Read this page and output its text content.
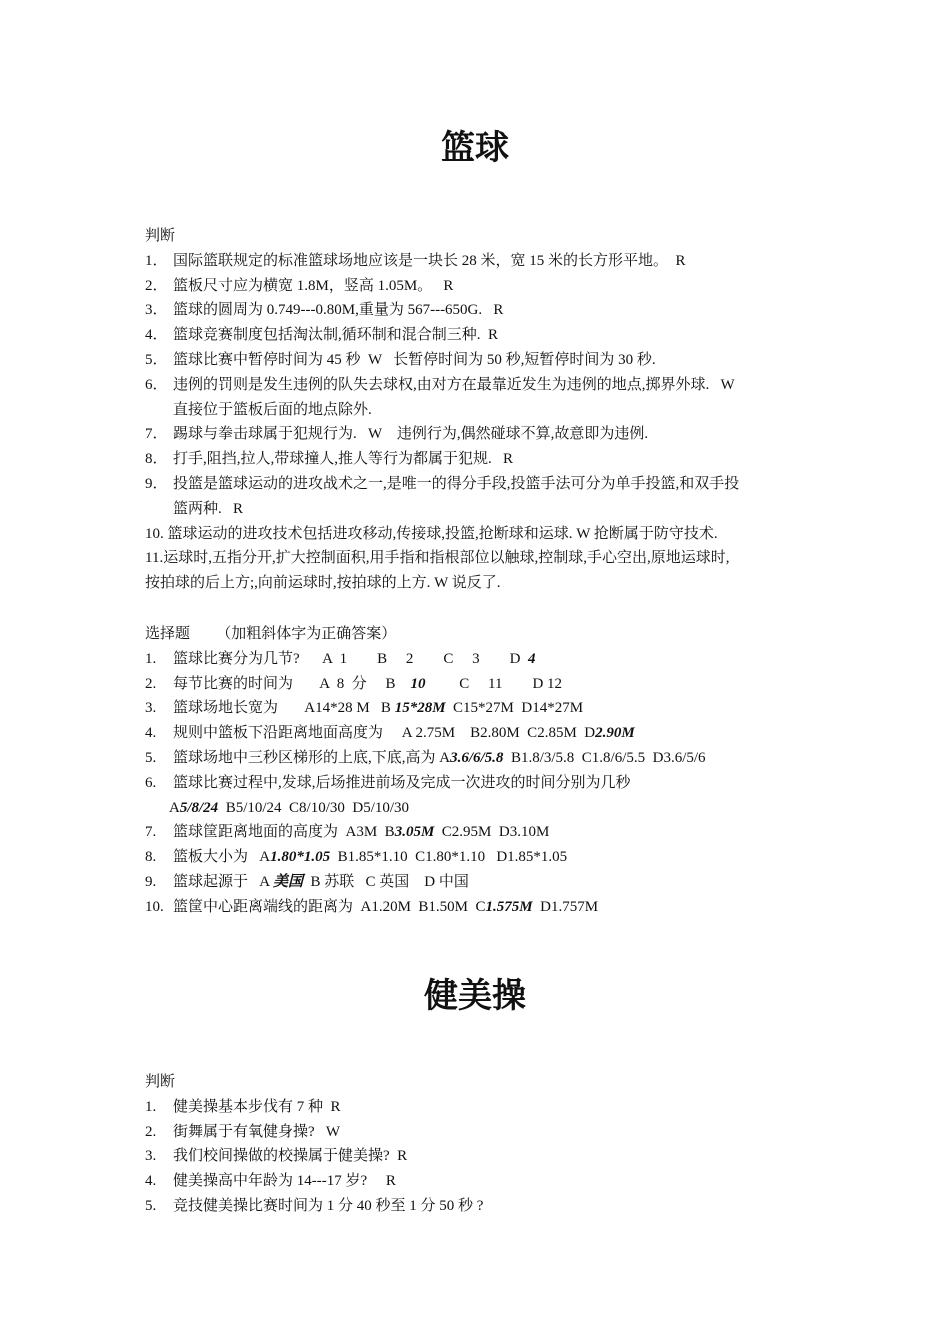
篮球
判断
1． 国际篮联规定的标准篮球场地应该是一块长 28 米，宽 15 米的长方形平地。  R
2． 篮板尺寸应为横宽 1.8M，竖高 1.05M。   R
3． 篮球的圆周为 0.749---0.80M,重量为 567---650G.   R
4． 篮球竞赛制度包括淘汰制,循环制和混合制三种.  R
5． 篮球比赛中暂停时间为 45 秒  W   长暂停时间为 50 秒,短暂停时间为 30 秒.
6． 违例的罚则是发生违例的队失去球权,由对方在最靠近发生为违例的地点,掷界外球.   W
直接位于篮板后面的地点除外.
7． 踢球与拳击球属于犯规行为.   W    违例行为,偶然碰球不算,故意即为违例.
8． 打手,阻挡,拉人,带球撞人,推人等行为都属于犯规.   R
9． 投篮是篮球运动的进攻战术之一,是唯一的得分手段,投篮手法可分为单手投篮,和双手投
篮两种.   R
10. 篮球运动的进攻技术包括进攻移动,传接球,投篮,抢断球和运球. W 抢断属于防守技术.
11.运球时,五指分开,扩大控制面积,用手指和指根部位以触球,控制球,手心空出,原地运球时,
按拍球的后上方;,向前运球时,按拍球的上方. W 说反了.
选择题       （加粗斜体字为正确答案）
1.	篮球比赛分为几节?      A  1        B     2        C     3        D  4
2.	每节比赛的时间为       A  8  分     B    10         C     11        D 12
3.	篮球场地长宽为       A14*28 M   B 15*28M  C15*27M  D14*27M
4.	规则中篮板下沿距离地面高度为     A 2.75M    B2.80M  C2.85M  D2.90M
5.	篮球场地中三秒区梯形的上底,下底,高为 A3.6/6/5.8  B1.8/3/5.8  C1.8/6/5.5  D3.6/5/6
6.	篮球比赛过程中,发球,后场推进前场及完成一次进攻的时间分别为几秒
A5/8/24  B5/10/24  C8/10/30  D5/10/30
7.	篮球筐距离地面的高度为  A3M  B3.05M  C2.95M  D3.10M
8.	篮板大小为   A1.80*1.05  B1.85*1.10  C1.80*1.10   D1.85*1.05
9.	篮球起源于   A 美国  B 苏联   C 英国    D 中国
10. 篮筐中心距离端线的距离为  A1.20M  B1.50M  C1.575M  D1.757M
健美操
判断
1.	健美操基本步伐有 7 种  R
2.	街舞属于有氧健身操?   W
3.	我们校间操做的校操属于健美操?  R
4.	健美操高中年龄为 14---17 岁?     R
5.	竞技健美操比赛时间为 1 分 40 秒至 1 分 50 秒 ?
